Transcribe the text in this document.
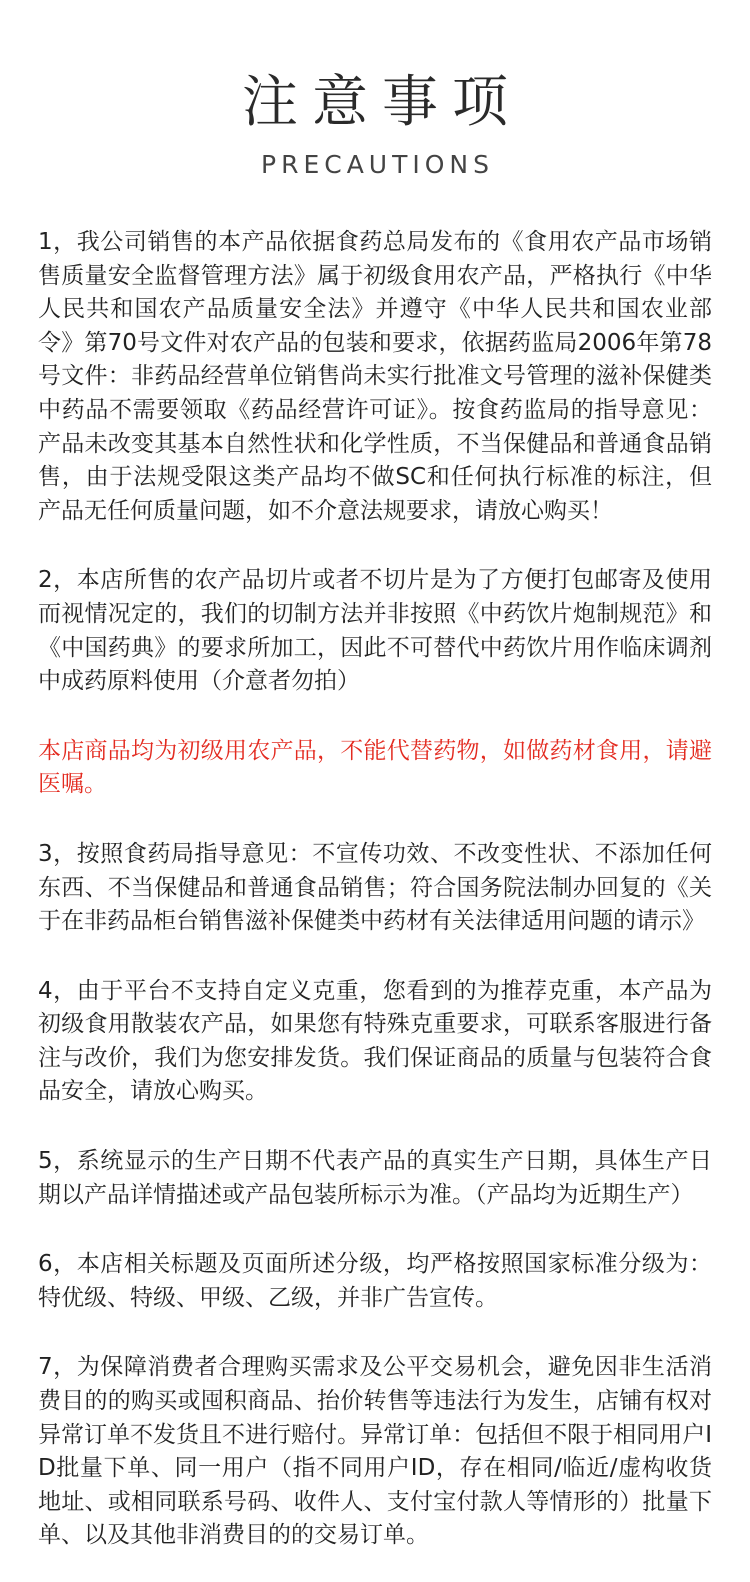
注意事项
PRECAUTIONS

1，我公司销售的本产品依据食药总局发布的《食用农产品市场销售质量安全监督管理方法》属于初级食用农产品，严格执行《中华人民共和国农产品质量安全法》并遵守《中华人民共和国农业部令》第70号文件对农产品的包装和要求，依据药监局2006年第78号文件：非药品经营单位销售尚未实行批准文号管理的滋补保健类中药品不需要领取《药品经营许可证》。按食药监局的指导意见：产品未改变其基本自然性状和化学性质，不当保健品和普通食品销售，由于法规受限这类产品均不做SC和任何执行标准的标注，但产品无任何质量问题，如不介意法规要求，请放心购买！

2，本店所售的农产品切片或者不切片是为了方便打包邮寄及使用而视情况定的，我们的切制方法并非按照《中药饮片炮制规范》和《中国药典》的要求所加工，因此不可替代中药饮片用作临床调剂中成药原料使用（介意者勿拍）

本店商品均为初级用农产品，不能代替药物，如做药材食用，请避医嘱。

3，按照食药局指导意见：不宣传功效、不改变性状、不添加任何东西、不当保健品和普通食品销售；符合国务院法制办回复的《关于在非药品柜台销售滋补保健类中药材有关法律适用问题的请示》

4，由于平台不支持自定义克重，您看到的为推荐克重，本产品为初级食用散装农产品，如果您有特殊克重要求，可联系客服进行备注与改价，我们为您安排发货。我们保证商品的质量与包装符合食品安全，请放心购买。

5，系统显示的生产日期不代表产品的真实生产日期，具体生产日期以产品详情描述或产品包装所标示为准。（产品均为近期生产）

6，本店相关标题及页面所述分级，均严格按照国家标准分级为：特优级、特级、甲级、乙级，并非广告宣传。

7，为保障消费者合理购买需求及公平交易机会，避免因非生活消费目的的购买或囤积商品、抬价转售等违法行为发生，店铺有权对异常订单不发货且不进行赔付。异常订单：包括但不限于相同用户ID批量下单、同一用户（指不同用户ID，存在相同/临近/虚构收货地址、或相同联系号码、收件人、支付宝付款人等情形的）批量下单、以及其他非消费目的的交易订单。
